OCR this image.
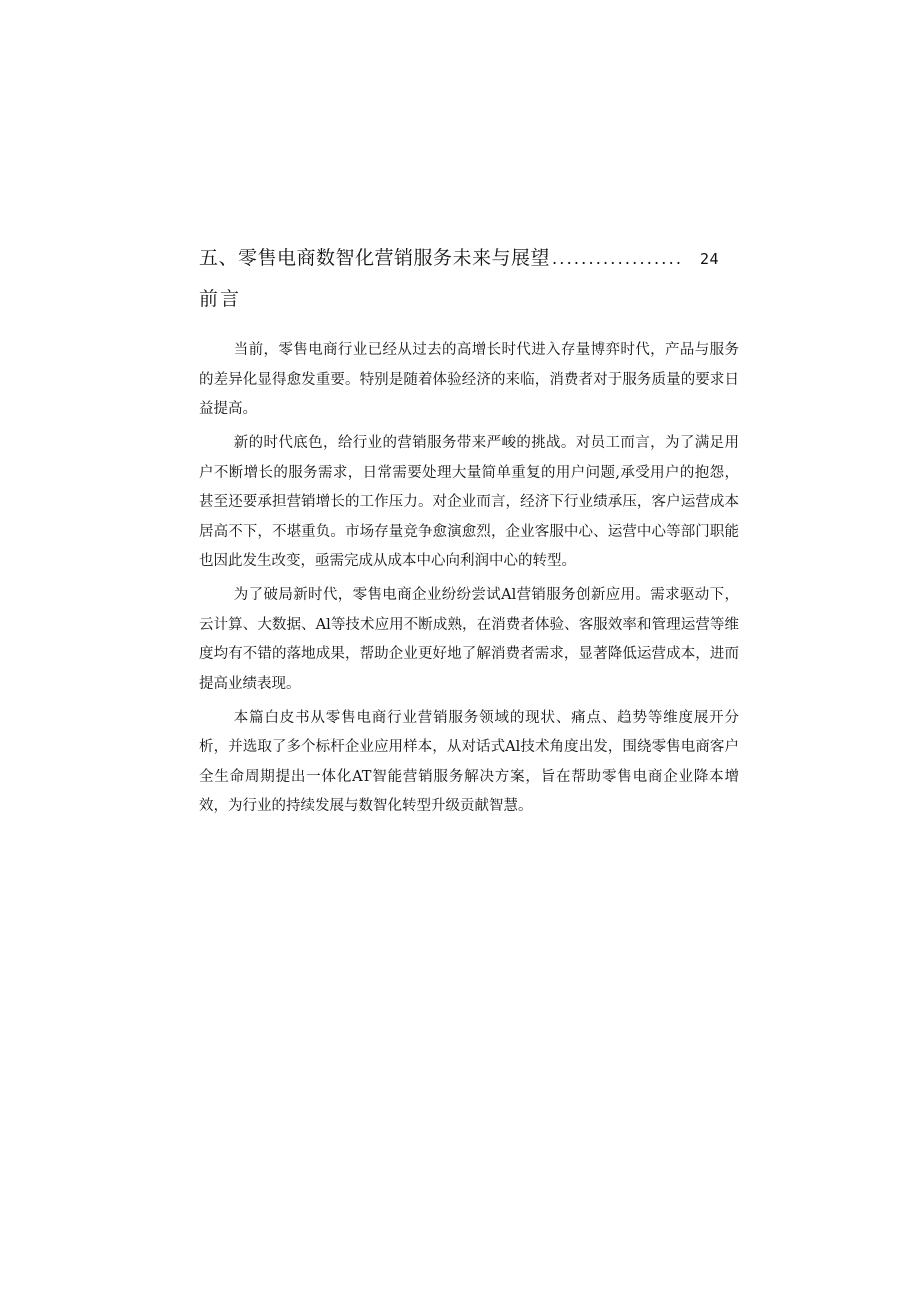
五、零售电商数智化营销服务未来与展望 ..................	24
前言

当前，零售电商行业已经从过去的高增长时代进入存量博弈时代，产品与服务的差异化显得愈发重要。特别是随着体验经济的来临，消费者对于服务质量的要求日益提高。

新的时代底色，给行业的营销服务带来严峻的挑战。对员工而言，为了满足用户不断增长的服务需求，日常需要处理大量简单重复的用户问题,承受用户的抱怨，甚至还要承担营销增长的工作压力。对企业而言，经济下行业绩承压，客户运营成本居高不下，不堪重负。市场存量竞争愈演愈烈，企业客服中心、运营中心等部门职能也因此发生改变，亟需完成从成本中心向利润中心的转型。

为了破局新时代，零售电商企业纷纷尝试Al营销服务创新应用。需求驱动下，云计算、大数据、Al等技术应用不断成熟，在消费者体验、客服效率和管理运营等维度均有不错的落地成果，帮助企业更好地了解消费者需求，显著降低运营成本，进而提高业绩表现。

本篇白皮书从零售电商行业营销服务领域的现状、痛点、趋势等维度展开分析，并选取了多个标杆企业应用样本，从对话式Al技术角度出发，围绕零售电商客户全生命周期提出一体化AT智能营销服务解决方案，旨在帮助零售电商企业降本增效，为行业的持续发展与数智化转型升级贡献智慧。
